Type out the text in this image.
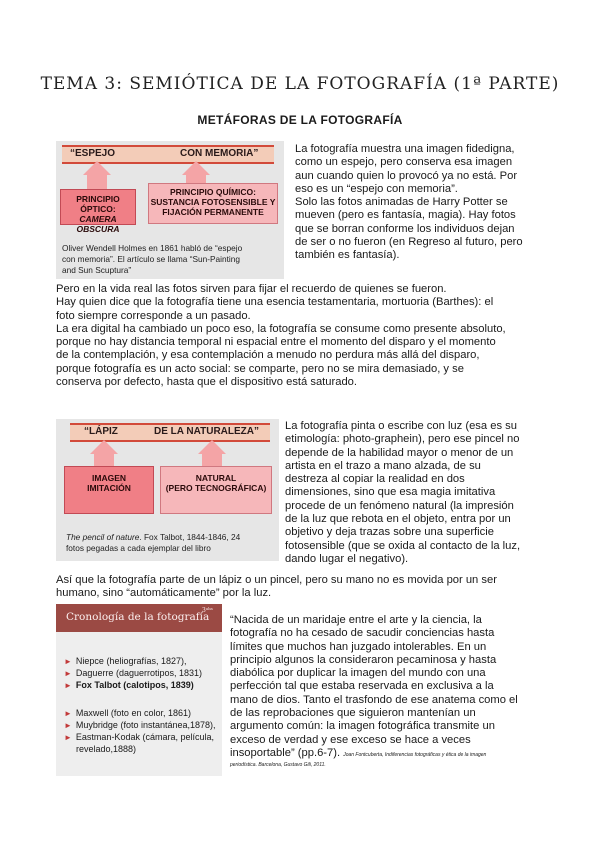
TEMA 3: SEMIÓTICA DE LA FOTOGRAFÍA (1ª PARTE)
METÁFORAS DE LA FOTOGRAFÍA
“ESPEJO	CON MEMORIA”
PRINCIPIO ÓPTICO:
CAMERA OBSCURA
PRINCIPIO QUÍMICO:
SUSTANCIA FOTOSENSIBLE Y
FIJACIÓN PERMANENTE
Oliver Wendell Holmes en 1861 habló de “espejo
con memoria”. El artículo se llama “Sun-Painting
and Sun Scuptura”
La fotografía muestra una imagen fidedigna,
como un espejo, pero conserva esa imagen
aun cuando quien lo provocó ya no está. Por
eso es un “espejo con memoria”.
Solo las fotos animadas de Harry Potter se
mueven (pero es fantasía, magia). Hay fotos
que se borran conforme los individuos dejan
de ser o no fueron (en Regreso al futuro, pero
también es fantasía).
Pero en la vida real las fotos sirven para fijar el recuerdo de quienes se fueron.
Hay quien dice que la fotografía tiene una esencia testamentaria, mortuoria (Barthes): el
foto siempre corresponde a un pasado.
La era digital ha cambiado un poco eso, la fotografía se consume como presente absoluto,
porque no hay distancia temporal ni espacial entre el momento del disparo y el momento
de la contemplación, y esa contemplación a menudo no perdura más allá del disparo,
porque fotografía es un acto social: se comparte, pero no se mira demasiado, y se
conserva por defecto, hasta que el dispositivo está saturado.
“LÁPIZ	DE LA NATURALEZA”
IMAGEN
IMITACIÓN
NATURAL
(PERO TECNOGRÁFICA)
The pencil of nature. Fox Talbot, 1844-1846, 24
fotos pegadas a cada ejemplar del libro
La fotografía pinta o escribe con luz (esa es su
etimología: photo-graphein), pero ese pincel no
depende de la habilidad mayor o menor de un
artista en el trazo a mano alzada, de su
destreza al copiar la realidad en dos
dimensiones, sino que esa magia imitativa
procede de un fenómeno natural (la impresión
de la luz que rebota en el objeto, entra por un
objetivo y deja trazas sobre una superficie
fotosensible (que se oxida al contacto de la luz,
dando lugar el negativo).
Así que la fotografía parte de un lápiz o un pincel, pero su mano no es movida por un ser
humano, sino “automáticamente” por la luz.
Cronología de la fotografía
3ᵃᵇᵃ
► Niepce (heliografías, 1827),
► Daguerre (daguerrotipos, 1831)
► Fox Talbot (calotipos, 1839)
► Maxwell (foto en color, 1861)
► Muybridge (foto instantánea,1878),
► Eastman-Kodak (cámara, película,
revelado,1888)
“Nacida de un maridaje entre el arte y la ciencia, la
fotografía no ha cesado de sacudir conciencias hasta
límites que muchos han juzgado intolerables. En un
principio algunos la consideraron pecaminosa y hasta
diabólica por duplicar la imagen del mundo con una
perfección tal que estaba reservada en exclusiva a la
mano de dios. Tanto el trasfondo de ese anatema como el
de las reprobaciones que siguieron mantenían un
argumento común: la imagen fotográfica transmite un
exceso de verdad y ese exceso se hace a veces
insoportable” (pp.6-7). Joan Fontcuberta, Indiferencias fotográficas y ética de la imagen
periodística. Barcelona, Gustavo Gili, 2011.
